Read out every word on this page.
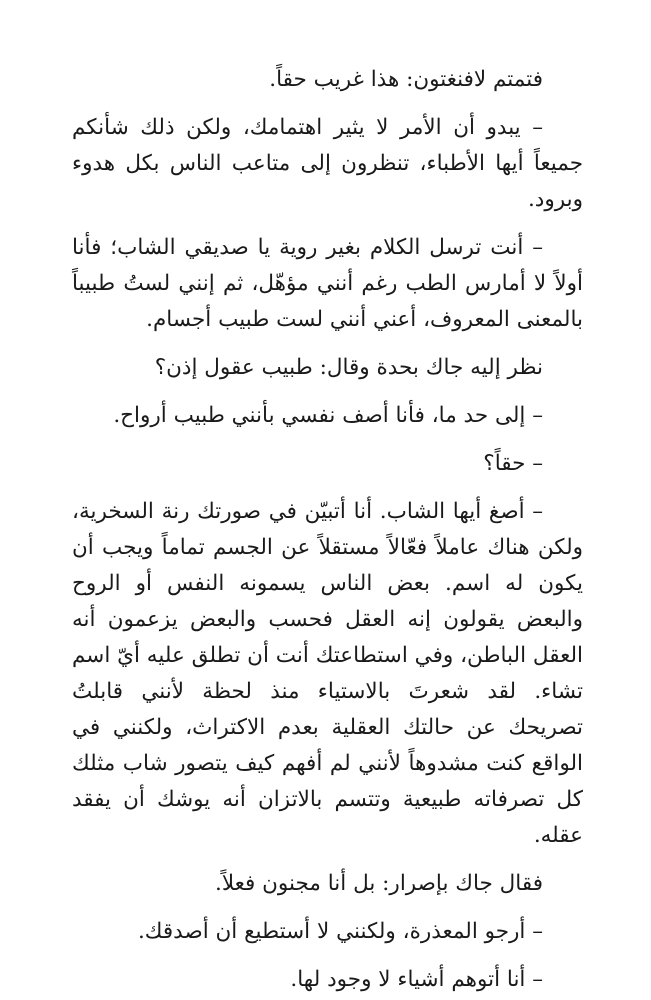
فتمتم لافنغتون: هذا غريب حقاً.

– يبدو أن الأمر لا يثير اهتمامك، ولكن ذلك شأنكم جميعاً أيها الأطباء، تنظرون إلى متاعب الناس بكل هدوء وبرود.

– أنت ترسل الكلام بغير روية يا صديقي الشاب؛ فأنا أولاً لا أمارس الطب رغم أنني مؤهّل، ثم إنني لستُ طبيباً بالمعنى المعروف، أعني أنني لست طبيب أجسام.

نظر إليه جاك بحدة وقال: طبيب عقول إذن؟

– إلى حد ما، فأنا أصف نفسي بأنني طبيب أرواح.

– حقاً؟

– أصغ أيها الشاب. أنا أتبيّن في صورتك رنة السخرية، ولكن هناك عاملاً فعّالاً مستقلاً عن الجسم تماماً ويجب أن يكون له اسم. بعض الناس يسمونه النفس أو الروح والبعض يقولون إنه العقل فحسب والبعض يزعمون أنه العقل الباطن، وفي استطاعتك أنت أن تطلق عليه أيّ اسم تشاء. لقد شعرتَ بالاستياء منذ لحظة لأنني قابلتُ تصريحك عن حالتك العقلية بعدم الاكتراث، ولكنني في الواقع كنت مشدوهاً لأنني لم أفهم كيف يتصور شاب مثلك كل تصرفاته طبيعية وتتسم بالاتزان أنه يوشك أن يفقد عقله.

فقال جاك بإصرار: بل أنا مجنون فعلاً.

– أرجو المعذرة، ولكنني لا أستطيع أن أصدقك.

– أنا أتوهم أشياء لا وجود لها.
